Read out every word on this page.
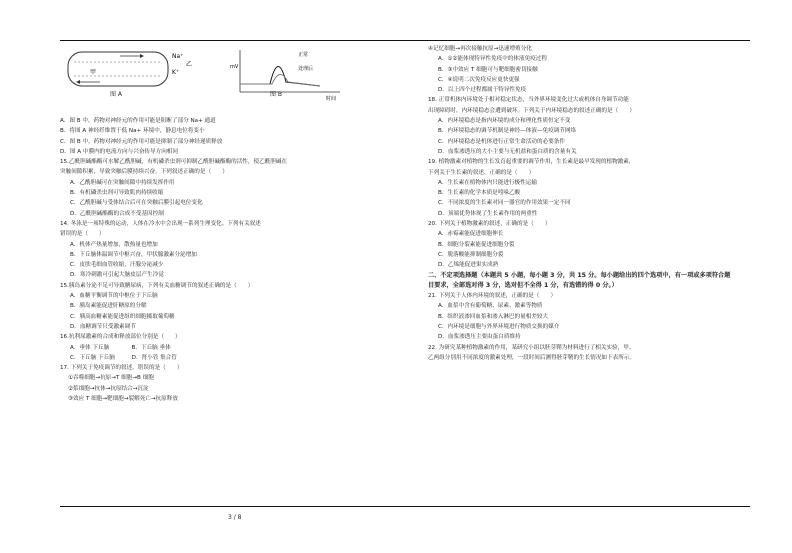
Na⁺
K⁺
甲
乙
图 A
mV
正常
处理后
时间
图 B
A．图 B 中，药物对神经元的作用可能是阻断了部分 Na+ 通道
B．将图 A 神经纤维置于低 Na+ 环境中，静息电位将变小
C．图 B 中，药物对神经元的作用可能是抑制了部分神经递质释放
D．图 A 中膜内的电流方向与兴奋传导方向相同
15.乙酰胆碱酯酶可水解乙酰胆碱，有机磷杀虫剂可抑制乙酰胆碱酯酶的活性，使乙酰胆碱在
突触间隙积累，导致突触后膜持续兴奋。下列叙述正确的是（　　）
A．乙酰胆碱可在突触间隙中持续发挥作用
B．有机磷杀虫剂可导致肌肉持续收缩
C．乙酰胆碱与受体结合后可在突触后膜引起电位变化
D．乙酰胆碱酯酶的合成不受基因控制
14. 冬泳是一项特殊的运动，人体在冷水中会出现一系列生理变化。下列有关叙述
错误的是（　　）
A．机体产热量增加，散热量也增加
B．下丘脑体温调节中枢兴奋，甲状腺激素分泌增加
C．皮肤毛细血管收缩，汗腺分泌减少
D．寒冷刺激可引起大脑皮层产生冷觉
15.胰岛素分泌不足可导致糖尿病，下列有关血糖调节的叙述正确的是（　　）
A．血糖平衡调节的中枢位于下丘脑
B．胰岛素能促进肝糖原的分解
C．胰高血糖素能促进组织细胞摄取葡萄糖
D．血糖调节只受激素调节
16.抗利尿激素的合成和释放部位分别是（　　）
A．垂体 下丘脑　　　　B．下丘脑 垂体
C．下丘脑 下丘脑　　　D．肾小管 集合管
17. 下列关于免疫调节的叙述，错误的是（　　）
①吞噬细胞→抗原→T 细胞→B 细胞
②浆细胞→抗体→抗原结合→沉淀
③效应 T 细胞→靶细胞→裂解死亡→抗原释放
④记忆细胞→再次接触抗原→迅速增殖分化
A．①②能体现特异性免疫中的体液免疫过程
B．③中效应 T 细胞可与靶细胞密切接触
C．④说明二次免疫反应更快更强
D．以上四个过程都属于特异性免疫
18. 正常机体内环境处于相对稳定状态，当外界环境变化过大或机体自身调节功能
出现障碍时，内环境稳态会遭到破坏。下列关于内环境稳态的叙述正确的是（　　）
A．内环境稳态是指内环境的成分和理化性质恒定不变
B．内环境稳态的调节机制是神经—体液—免疫调节网络
C．内环境稳态是机体进行正常生命活动的必要条件
D．血浆渗透压的大小主要与无机盐和蛋白质的含量有关
19. 植物激素对植物的生长发育起重要的调节作用，生长素是最早发现的植物激素，
下列关于生长素的叙述，正确的是（　　）
A．生长素在植物体内只能进行极性运输
B．生长素的化学本质是吲哚乙酸
C．不同浓度的生长素对同一器官的作用效果一定不同
D．顶端优势体现了生长素作用的两重性
20. 下列关于植物激素的叙述，正确的是（　　）
A．赤霉素能促进细胞伸长
B．细胞分裂素能促进细胞分裂
C．脱落酸能抑制细胞分裂
D．乙烯能促进果实成熟
二、不定项选择题（本题共 5 小题，每小题 3 分，共 15 分。每小题给出的四个选项中，有一项或多项符合题
目要求，全部选对得 3 分，选对但不全得 1 分，有选错的得 0 分。）
21. 下列关于人体内环境的叙述，正确的是（　　）
A．血浆中含有葡萄糖、尿素、激素等物质
B．组织液渗回血浆和渗入淋巴的量相差较大
C．内环境是细胞与外界环境进行物质交换的媒介
D．血浆渗透压主要由蛋白质维持
22. 为研究某种植物激素的作用，某研究小组以胚芽鞘为材料进行了相关实验，甲、
乙两组分别用不同浓度的激素处理，一段时间后测得胚芽鞘的生长情况如下表所示。
3 / 8
